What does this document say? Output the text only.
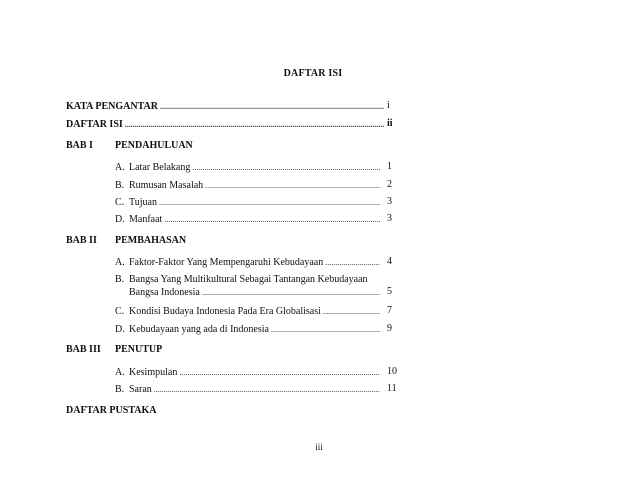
DAFTAR ISI
KATA PENGANTAR .....	i
DAFTAR ISI .....	ii
BAB I PENDAHULUAN
A. Latar Belakang .....	1
B. Rumusan Masalah .....	2
C. Tujuan .....	3
D. Manfaat .....	3
BAB II PEMBAHASAN
A. Faktor-Faktor Yang Mempengaruhi Kebudayaan .....	4
B. Bangsa Yang Multikultural Sebagai Tantangan Kebudayaan
Bangsa Indonesia .....	5
C. Kondisi Budaya Indonesia Pada Era Globalisasi .....	7
D. Kebudayaan yang ada di Indonesia .....	9
BAB III PENUTUP
A. Kesimpulan .....	10
B. Saran .....	11
DAFTAR PUSTAKA
iii
